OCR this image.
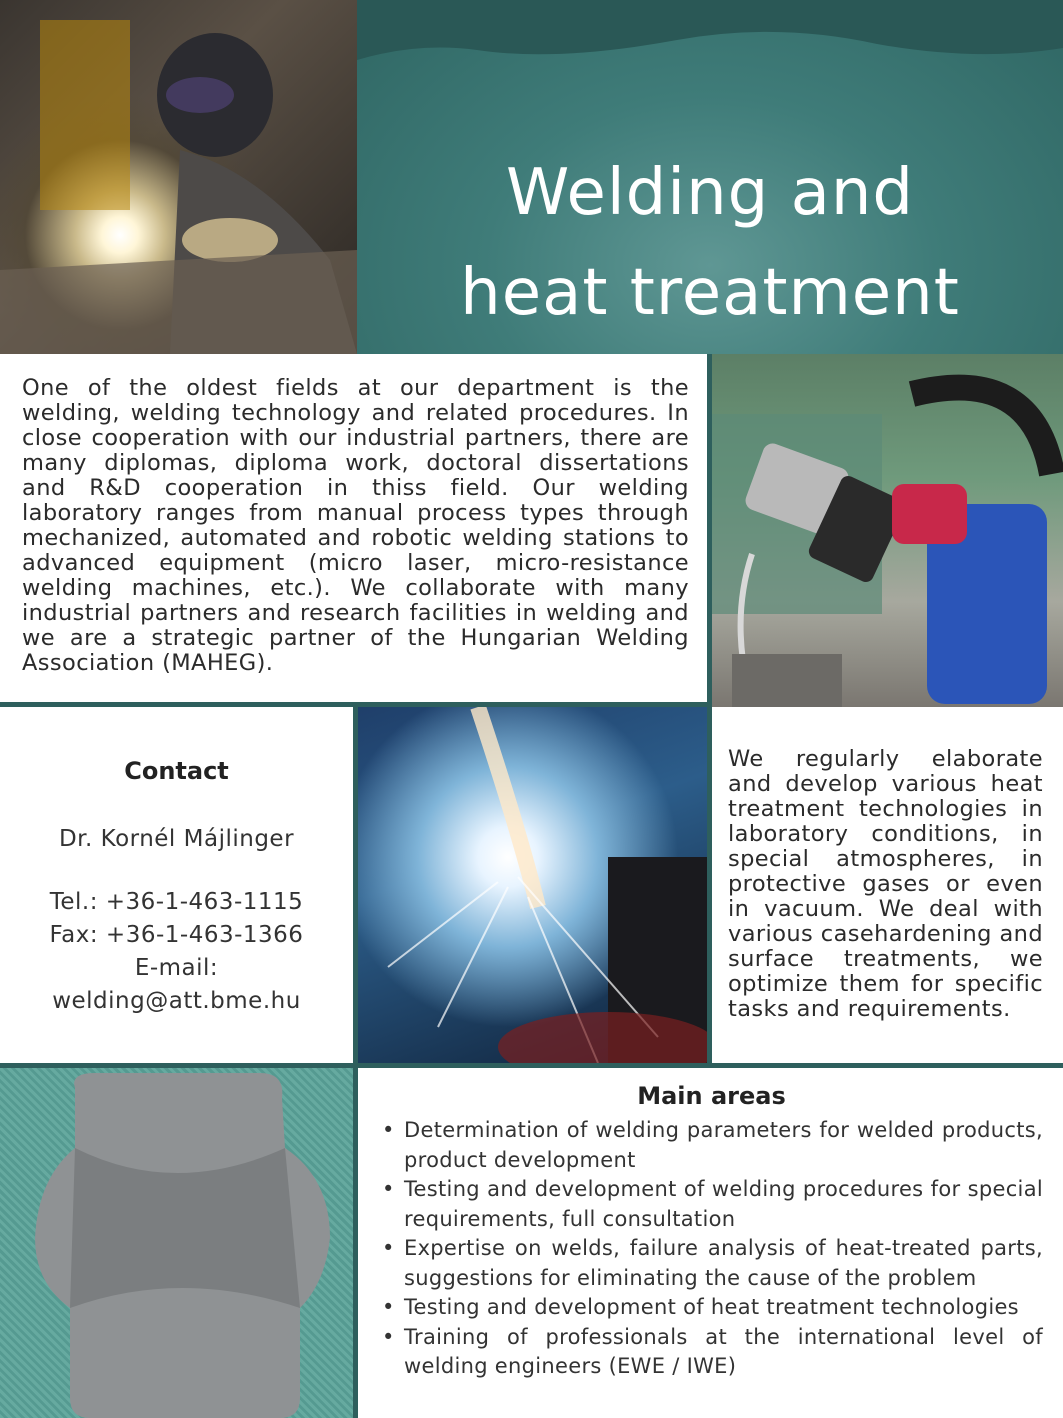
Welding and
heat treatment

One of the oldest fields at our department is the welding, welding technology and related procedures. In close cooperation with our industrial partners, there are many diplomas, diploma work, doctoral dissertations and R&D cooperation in thiss field. Our welding laboratory ranges from manual process types through mechanized, automated and robotic welding stations to advanced equipment (micro laser, micro-resistance welding machines, etc.). We collaborate with many industrial partners and research facilities in welding and we are a strategic partner of the Hungarian Welding Association (MAHEG).

Contact
Dr. Kornél Májlinger
Tel.: +36-1-463-1115
Fax: +36-1-463-1366
E-mail:
welding@att.bme.hu

We regularly elaborate and develop various heat treatment technologies in laboratory conditions, in special atmospheres, in protective gases or even in vacuum. We deal with various casehardening and surface treatments, we optimize them for specific tasks and requirements.

Main areas
• Determination of welding parameters for welded products, product development
• Testing and development of welding procedures for special requirements, full consultation
• Expertise on welds, failure analysis of heat-treated parts, suggestions for eliminating the cause of the problem
• Testing and development of heat treatment technologies
• Training of professionals at the international level of welding engineers (EWE / IWE)
